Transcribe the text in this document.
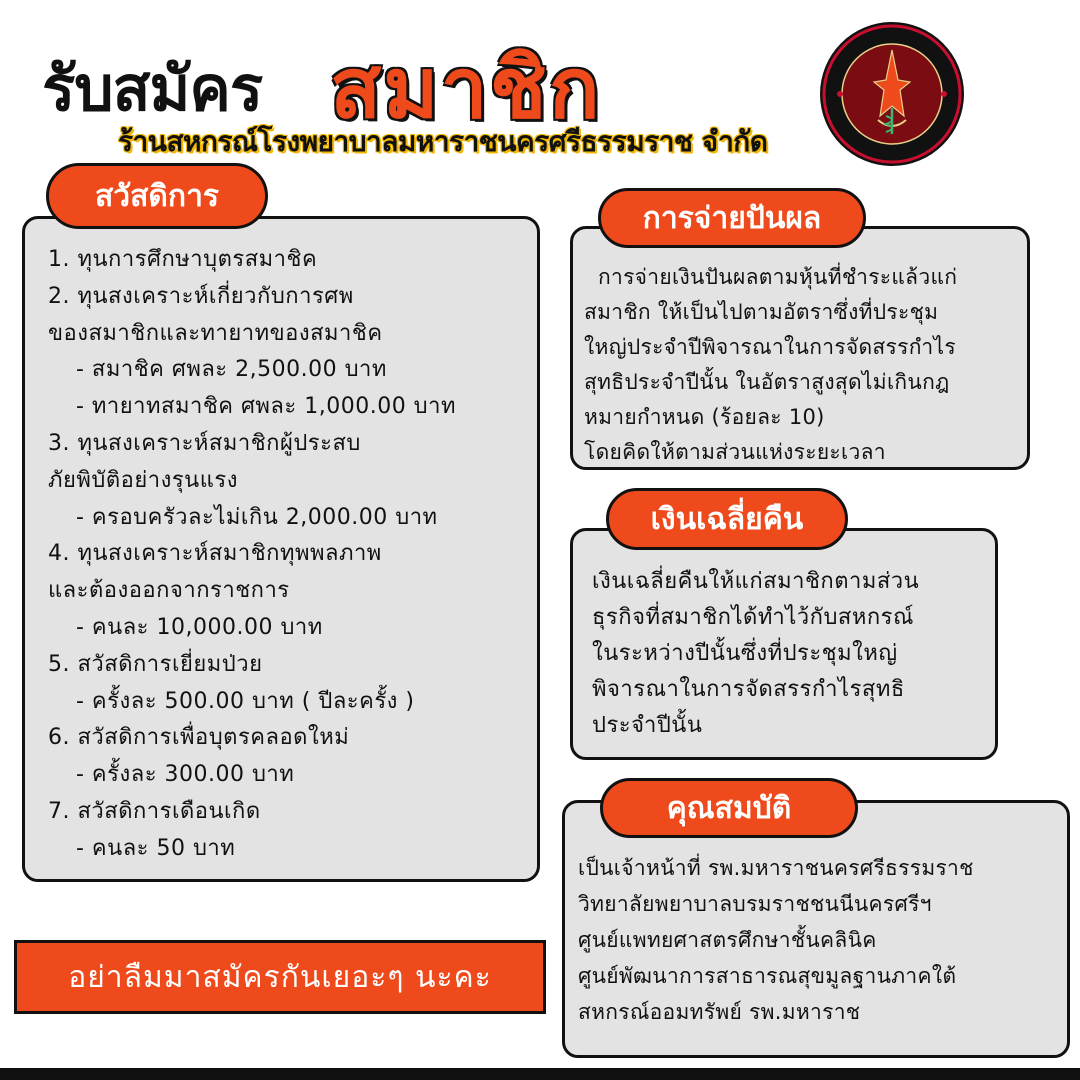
รับสมัคร สมาชิก
ร้านสหกรณ์โรงพยาบาลมหาราชนครศรีธรรมราช จำกัด
สวัสดิการ
1. ทุนการศึกษาบุตรสมาชิค
2. ทุนสงเคราะห์เกี่ยวกับการศพ
ของสมาชิกและทายาทของสมาชิค
- สมาชิค ศพละ 2,500.00 บาท
- ทายาทสมาชิค ศพละ 1,000.00 บาท
3. ทุนสงเคราะห์สมาชิกผู้ประสบ
ภัยพิบัติอย่างรุนแรง
- ครอบครัวละไม่เกิน 2,000.00 บาท
4. ทุนสงเคราะห์สมาชิกทุพพลภาพ
และต้องออกจากราชการ
- คนละ 10,000.00 บาท
5. สวัสดิการเยี่ยมป่วย
- ครั้งละ 500.00 บาท ( ปีละครั้ง )
6. สวัสดิการเพื่อบุตรคลอดใหม่
- ครั้งละ 300.00 บาท
7. สวัสดิการเดือนเกิด
- คนละ 50 บาท
การจ่ายปันผล
การจ่ายเงินปันผลตามหุ้นที่ชำระแล้วแก่
สมาชิก ให้เป็นไปตามอัตราซึ่งที่ประชุม
ใหญ่ประจำปีพิจารณาในการจัดสรรกำไร
สุทธิประจำปีนั้น ในอัตราสูงสุดไม่เกินกฎ
หมายกำหนด (ร้อยละ 10)
โดยคิดให้ตามส่วนแห่งระยะเวลา
เงินเฉลี่ยคืน
เงินเฉลี่ยคืนให้แก่สมาชิกตามส่วน
ธุรกิจที่สมาชิกได้ทำไว้กับสหกรณ์
ในระหว่างปีนั้นซึ่งที่ประชุมใหญ่
พิจารณาในการจัดสรรกำไรสุทธิ
ประจำปีนั้น
คุณสมบัติ
เป็นเจ้าหน้าที่ รพ.มหาราชนครศรีธรรมราช
วิทยาลัยพยาบาลบรมราชชนนีนครศรีฯ
ศูนย์แพทยศาสตรศึกษาชั้นคลินิค
ศูนย์พัฒนาการสาธารณสุขมูลฐานภาคใต้
สหกรณ์ออมทรัพย์ รพ.มหาราช
อย่าลืมมาสมัครกันเยอะๆ นะคะ
